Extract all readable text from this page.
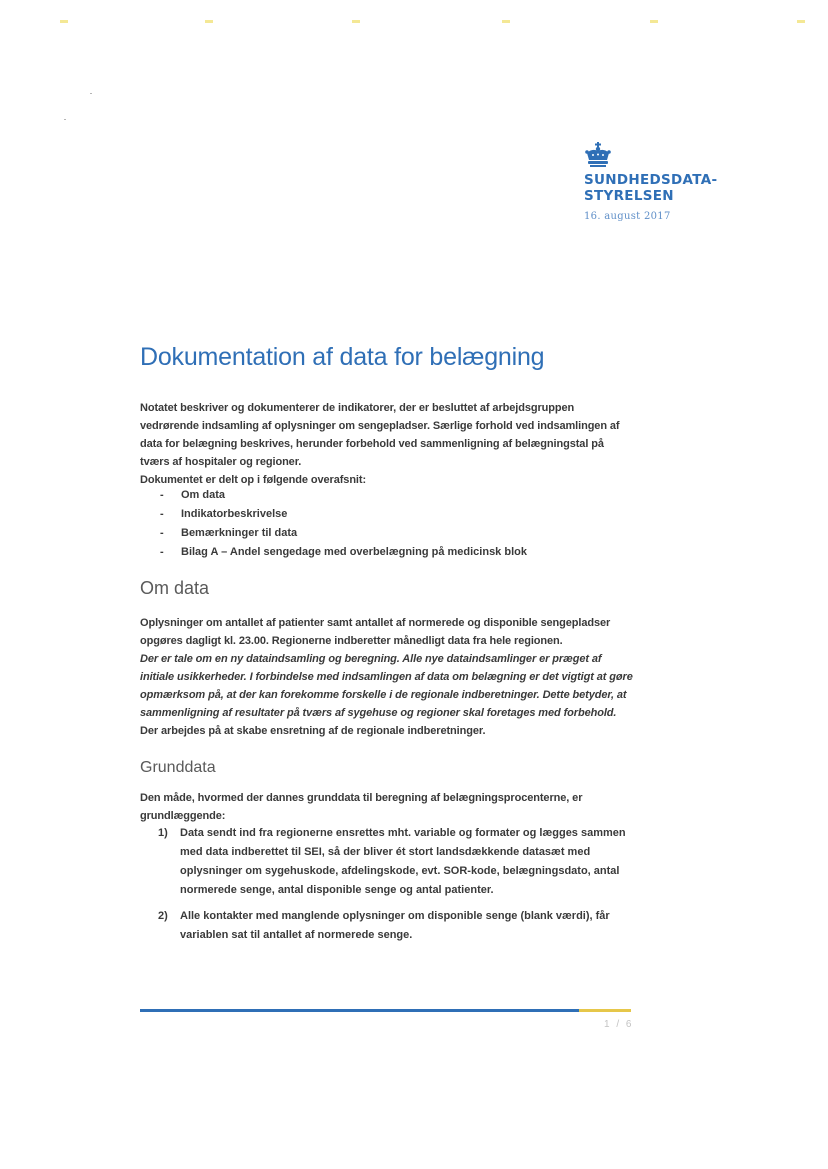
SUNDHEDSDATA-
STYRELSEN
16. august 2017
Dokumentation af data for belægning
Notatet beskriver og dokumenterer de indikatorer, der er besluttet af arbejdsgruppen vedrørende indsamling af oplysninger om sengepladser. Særlige forhold ved indsamlingen af data for belægning beskrives, herunder forbehold ved sammenligning af belægningstal på tværs af hospitaler og regioner.
Dokumentet er delt op i følgende overafsnit:
- Om data
- Indikatorbeskrivelse
- Bemærkninger til data
- Bilag A – Andel sengedage med overbelægning på medicinsk blok
Om data
Oplysninger om antallet af patienter samt antallet af normerede og disponible sengepladser opgøres dagligt kl. 23.00. Regionerne indberetter månedligt data fra hele regionen.
Der er tale om en ny dataindsamling og beregning. Alle nye dataindsamlinger er præget af initiale usikkerheder. I forbindelse med indsamlingen af data om belægning er det vigtigt at gøre opmærksom på, at der kan forekomme forskelle i de regionale indberetninger. Dette betyder, at sammenligning af resultater på tværs af sygehuse og regioner skal foretages med forbehold.
Der arbejdes på at skabe ensretning af de regionale indberetninger.
Grunddata
Den måde, hvormed der dannes grunddata til beregning af belægningsprocenterne, er grundlæggende:
1) Data sendt ind fra regionerne ensrettes mht. variable og formater og lægges sammen med data indberettet til SEI, så der bliver ét stort landsdækkende datasæt med oplysninger om sygehuskode, afdelingskode, evt. SOR-kode, belægningsdato, antal normerede senge, antal disponible senge og antal patienter.
2) Alle kontakter med manglende oplysninger om disponible senge (blank værdi), får variablen sat til antallet af normerede senge.
1 / 6
